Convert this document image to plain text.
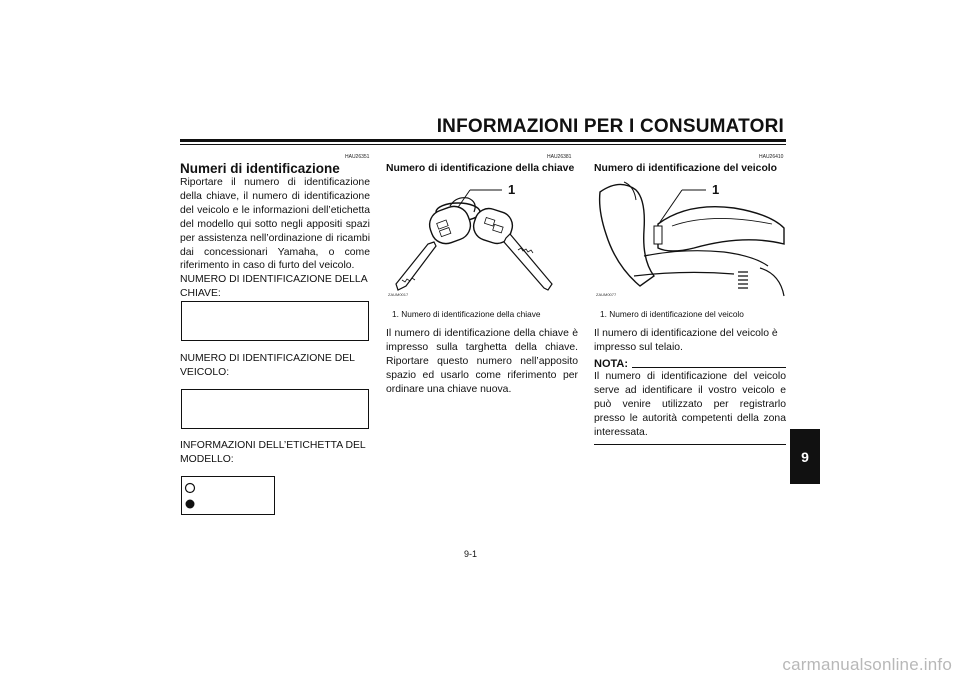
INFORMAZIONI PER I CONSUMATORI
HAU26351
Numeri di identificazione

Riportare il numero di identificazione della chiave, il numero di identificazione del veicolo e le informazioni dell’etichetta del modello qui sotto negli appositi spazi per assistenza nell’ordinazione di ricambi dai concessionari Yamaha, o come riferimento in caso di furto del veicolo.

NUMERO DI IDENTIFICAZIONE DELLA
CHIAVE:
NUMERO DI IDENTIFICAZIONE DEL
VEICOLO:
INFORMAZIONI DELL’ETICHETTA DEL
MODELLO:
HAU26381
Numero di identificazione della chiave
1
ZAUM0017
1. Numero di identificazione della chiave

Il numero di identificazione della chiave è impresso sulla targhetta della chiave. Riportare questo numero nell’apposito spazio ed usarlo come riferimento per ordinare una chiave nuova.

HAU26410
Numero di identificazione del veicolo
1
ZAUM0077
1. Numero di identificazione del veicolo

Il numero di identificazione del veicolo è impresso sul telaio.

NOTA:

Il numero di identificazione del veicolo serve ad identificare il vostro veicolo e può venire utilizzato per registrarlo presso le autorità competenti della zona interessata.

9
9-1
carmanualsonline.info
